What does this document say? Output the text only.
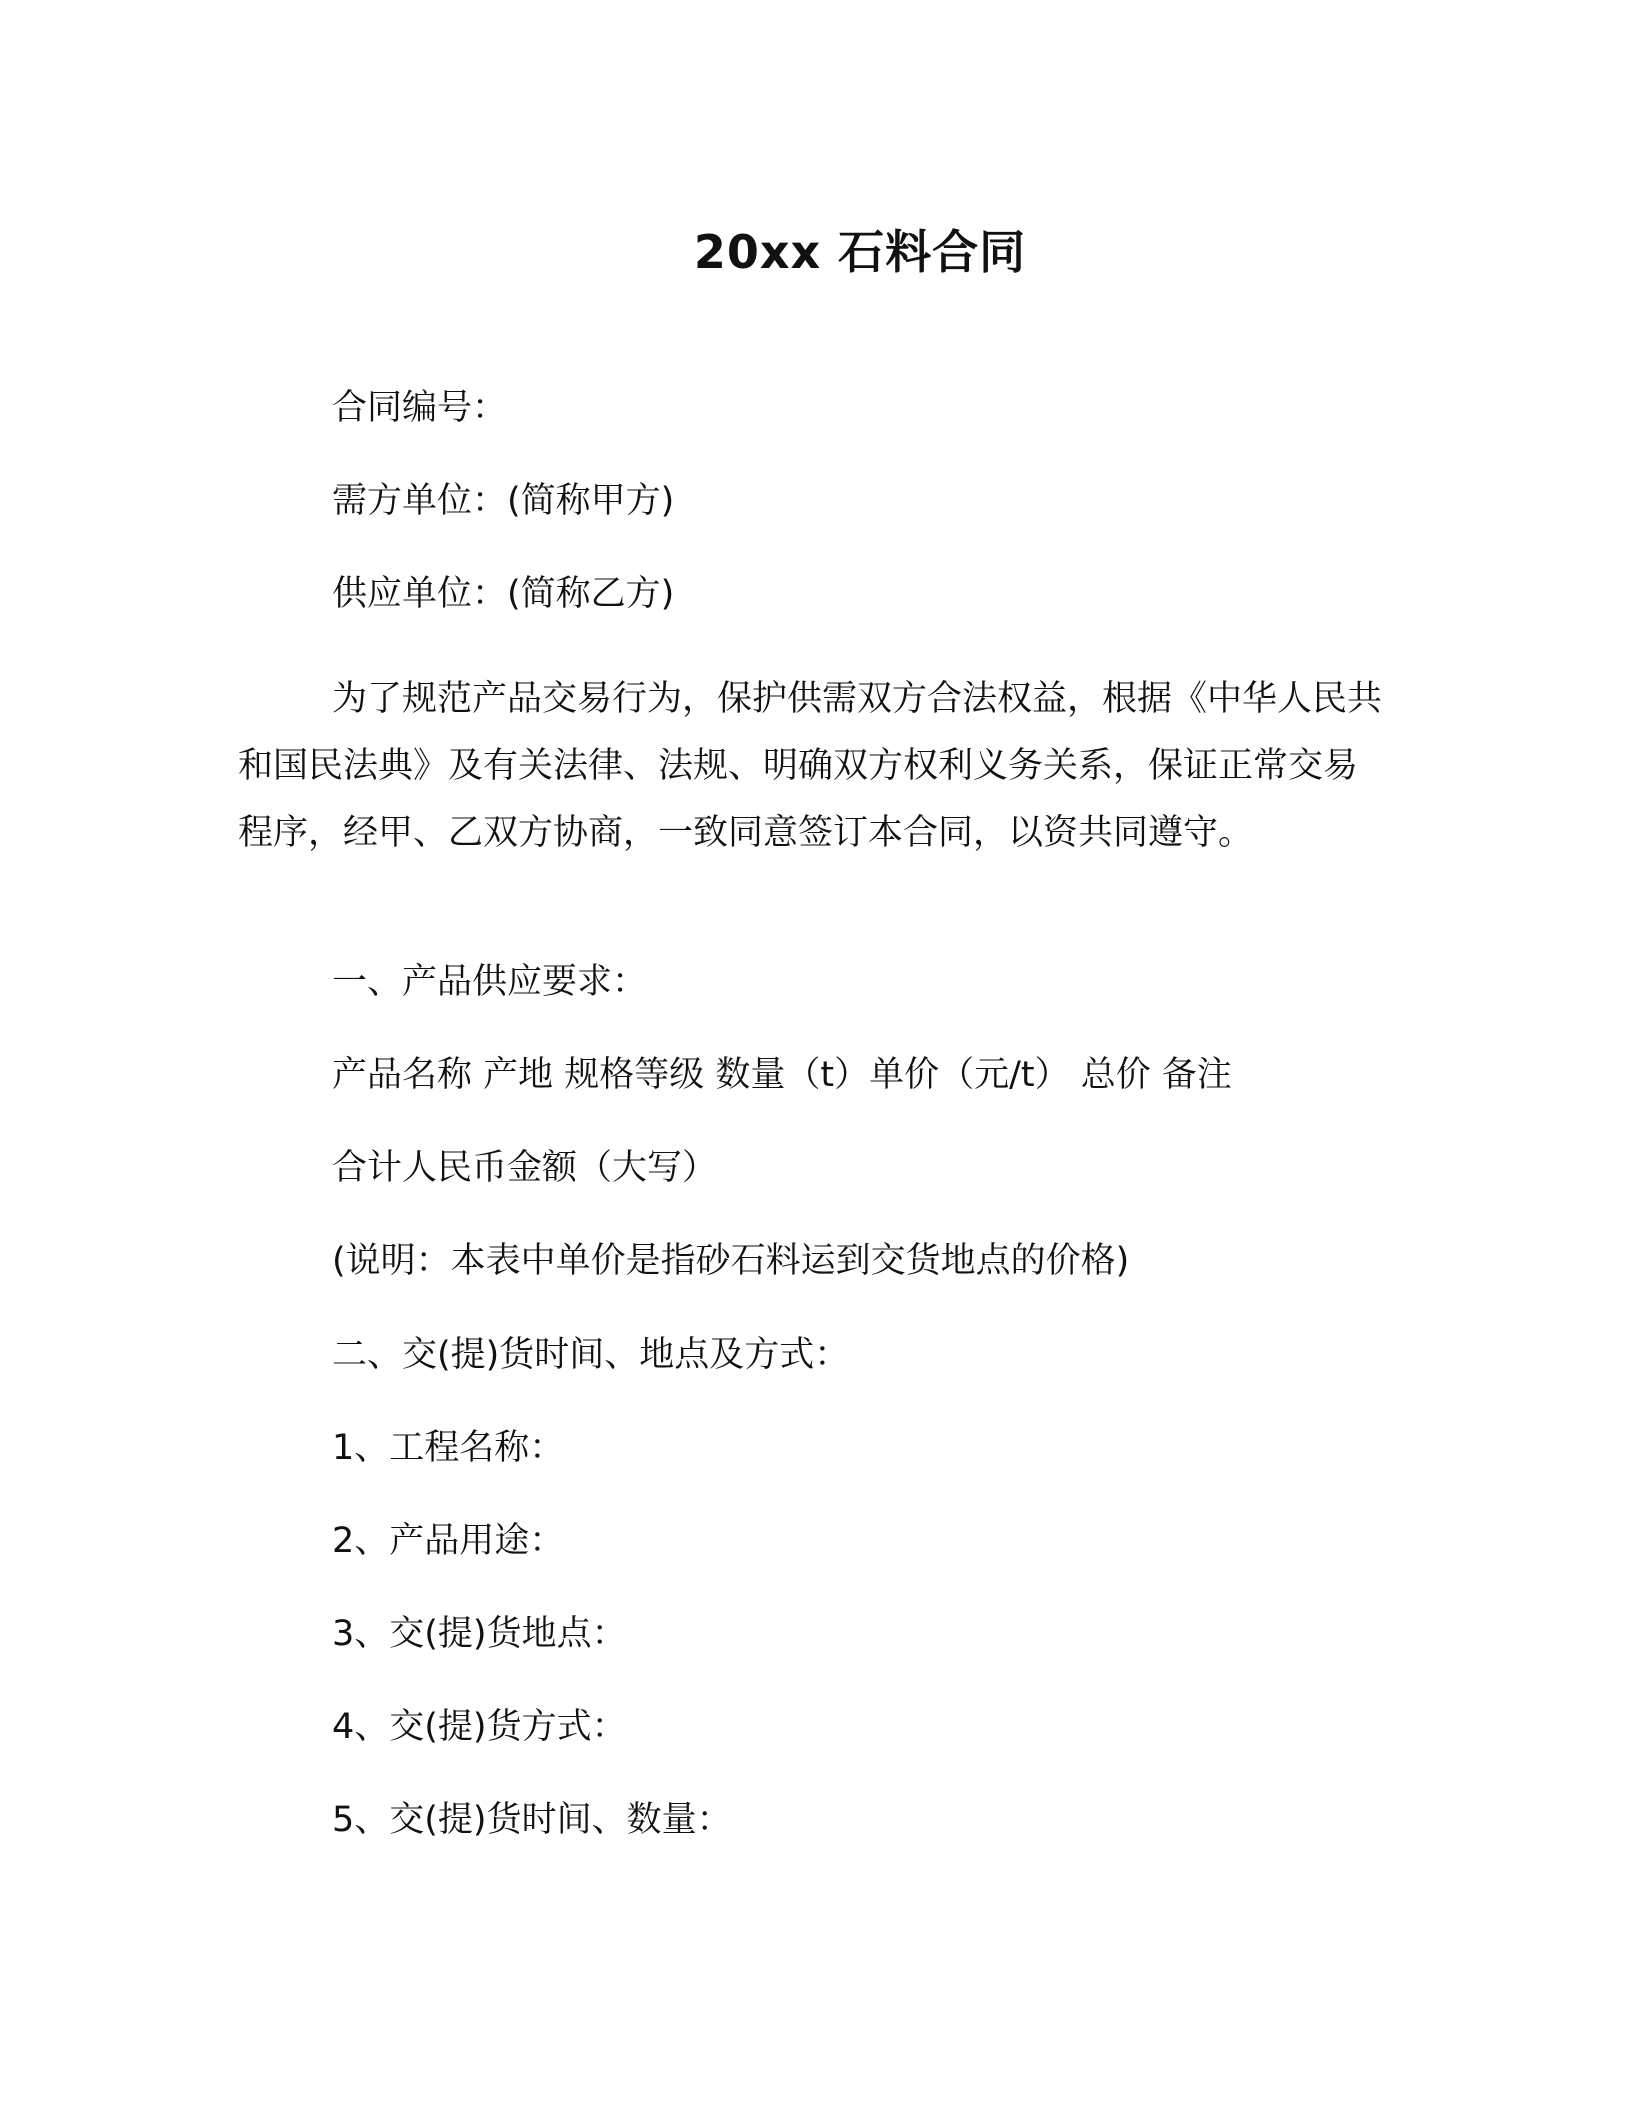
20xx 石料合同
合同编号：
需方单位：(简称甲方)
供应单位：(简称乙方)
为了规范产品交易行为，保护供需双方合法权益，根据《中华人民共和国民法典》及有关法律、法规、明确双方权利义务关系，保证正常交易程序，经甲、乙双方协商，一致同意签订本合同，以资共同遵守。
一、产品供应要求：
产品名称 产地 规格等级 数量（t）单价（元/t） 总价 备注
合计人民币金额（大写）
(说明：本表中单价是指砂石料运到交货地点的价格)
二、交(提)货时间、地点及方式：
1、工程名称：
2、产品用途：
3、交(提)货地点：
4、交(提)货方式：
5、交(提)货时间、数量：
